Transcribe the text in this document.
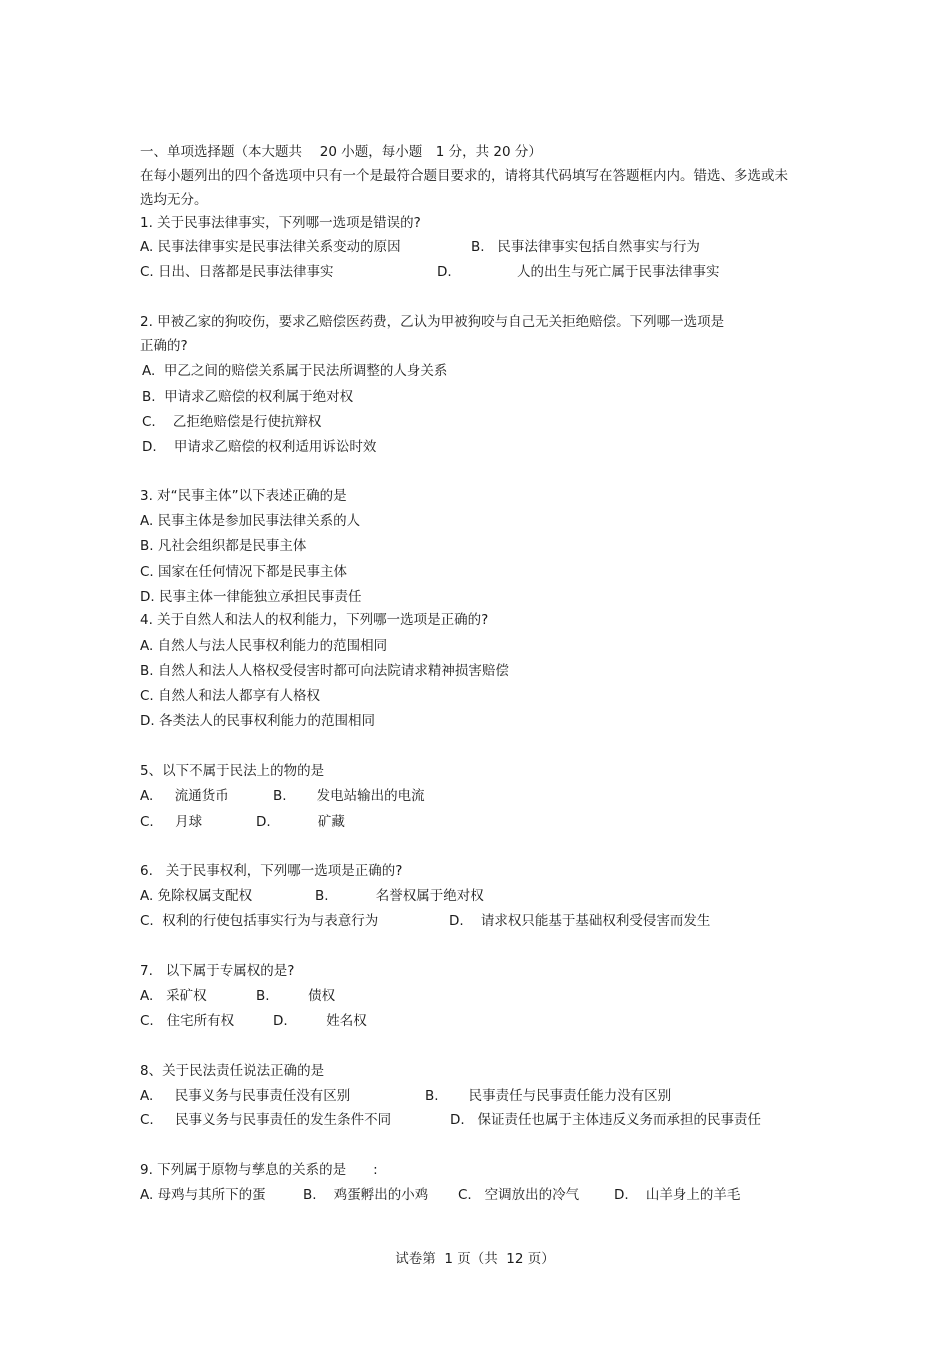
一、单项选择题（本大题共　 20 小题，每小题　1 分，共 20 分）
在每小题列出的四个备选项中只有一个是最符合题目要求的，请将其代码填写在答题框内内。错选、多选或未
选均无分。
1. 关于民事法律事实，下列哪一选项是错误的?
A. 民事法律事实是民事法律关系变动的原因	B.   民事法律事实包括自然事实与行为
C. 日出、日落都是民事法律事实	D.	人的出生与死亡属于民事法律事实
2. 甲被乙家的狗咬伤，要求乙赔偿医药费，乙认为甲被狗咬与自己无关拒绝赔偿。下列哪一选项是
正确的?
A.  甲乙之间的赔偿关系属于民法所调整的人身关系
B.  甲请求乙赔偿的权利属于绝对权
C.    乙拒绝赔偿是行使抗辩权
D.    甲请求乙赔偿的权利适用诉讼时效
3. 对“民事主体”以下表述正确的是
A. 民事主体是参加民事法律关系的人
B. 凡社会组织都是民事主体
C. 国家在任何情况下都是民事主体
D. 民事主体一律能独立承担民事责任
4. 关于自然人和法人的权利能力，下列哪一选项是正确的?
A. 自然人与法人民事权利能力的范围相同
B. 自然人和法人人格权受侵害时都可向法院请求精神损害赔偿
C. 自然人和法人都享有人格权
D. 各类法人的民事权利能力的范围相同
5、以下不属于民法上的物的是
A.     流通货币	B.       发电站输出的电流
C.     月球	D.           矿藏
6.   关于民事权利，下列哪一选项是正确的?
A. 免除权属支配权	B.           名誉权属于绝对权
C.  权利的行使包括事实行为与表意行为	D.    请求权只能基于基础权利受侵害而发生
7.   以下属于专属权的是?
A.   采矿权	B.         债权
C.   住宅所有权	D.         姓名权
8、关于民法责任说法正确的是
A.     民事义务与民事责任没有区别	B.       民事责任与民事责任能力没有区别
C.     民事义务与民事责任的发生条件不同	D.   保证责任也属于主体违反义务而承担的民事责任
9. 下列属于原物与孳息的关系的是　　:
A. 母鸡与其所下的蛋	B.    鸡蛋孵出的小鸡 C.   空调放出的冷气	D.    山羊身上的羊毛
试卷第  1 页（共  12 页）
